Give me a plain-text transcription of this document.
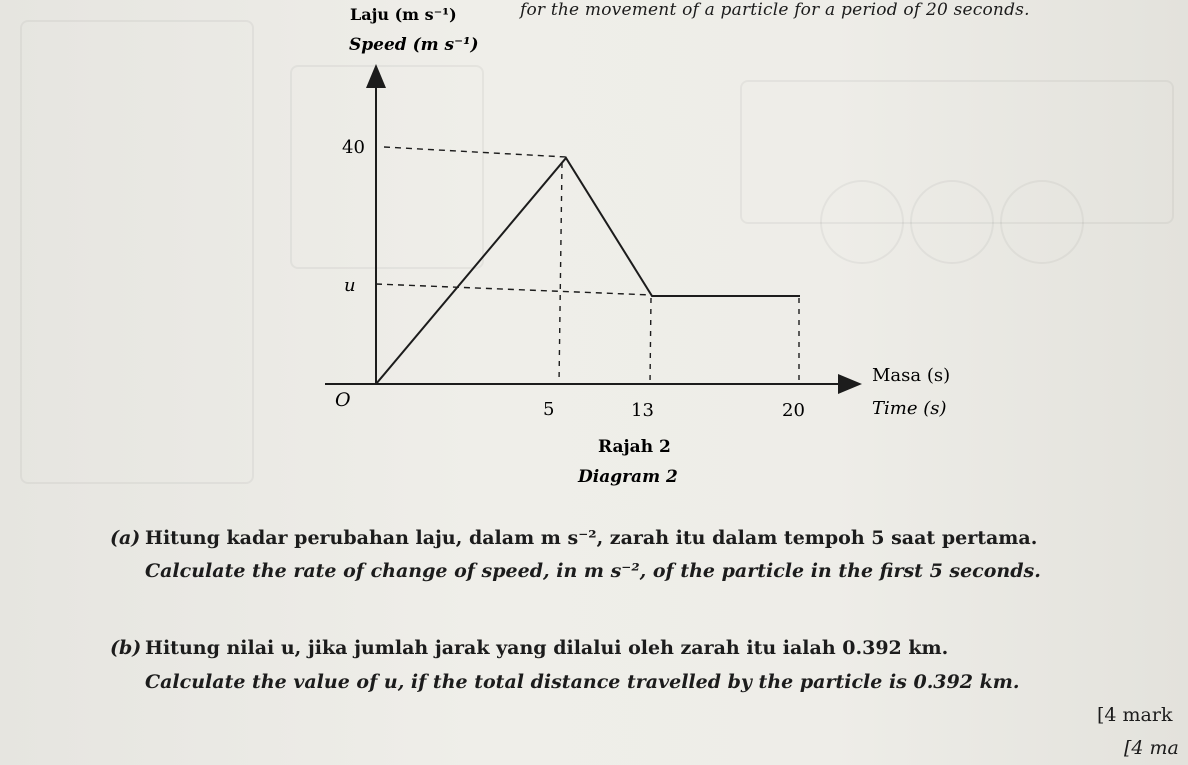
for the movement of a particle for a period of 20 seconds.
Laju (m s⁻¹)
Speed (m s⁻¹)
40
u
O	5	13	20
Masa (s)
Time (s)
Rajah 2
Diagram 2
(a) Hitung kadar perubahan laju, dalam m s⁻², zarah itu dalam tempoh 5 saat pertama.
Calculate the rate of change of speed, in m s⁻², of the particle in the first 5 seconds.
(b) Hitung nilai u, jika jumlah jarak yang dilalui oleh zarah itu ialah 0.392 km.
Calculate the value of u, if the total distance travelled by the particle is 0.392 km.
[4 mark
[4 ma
